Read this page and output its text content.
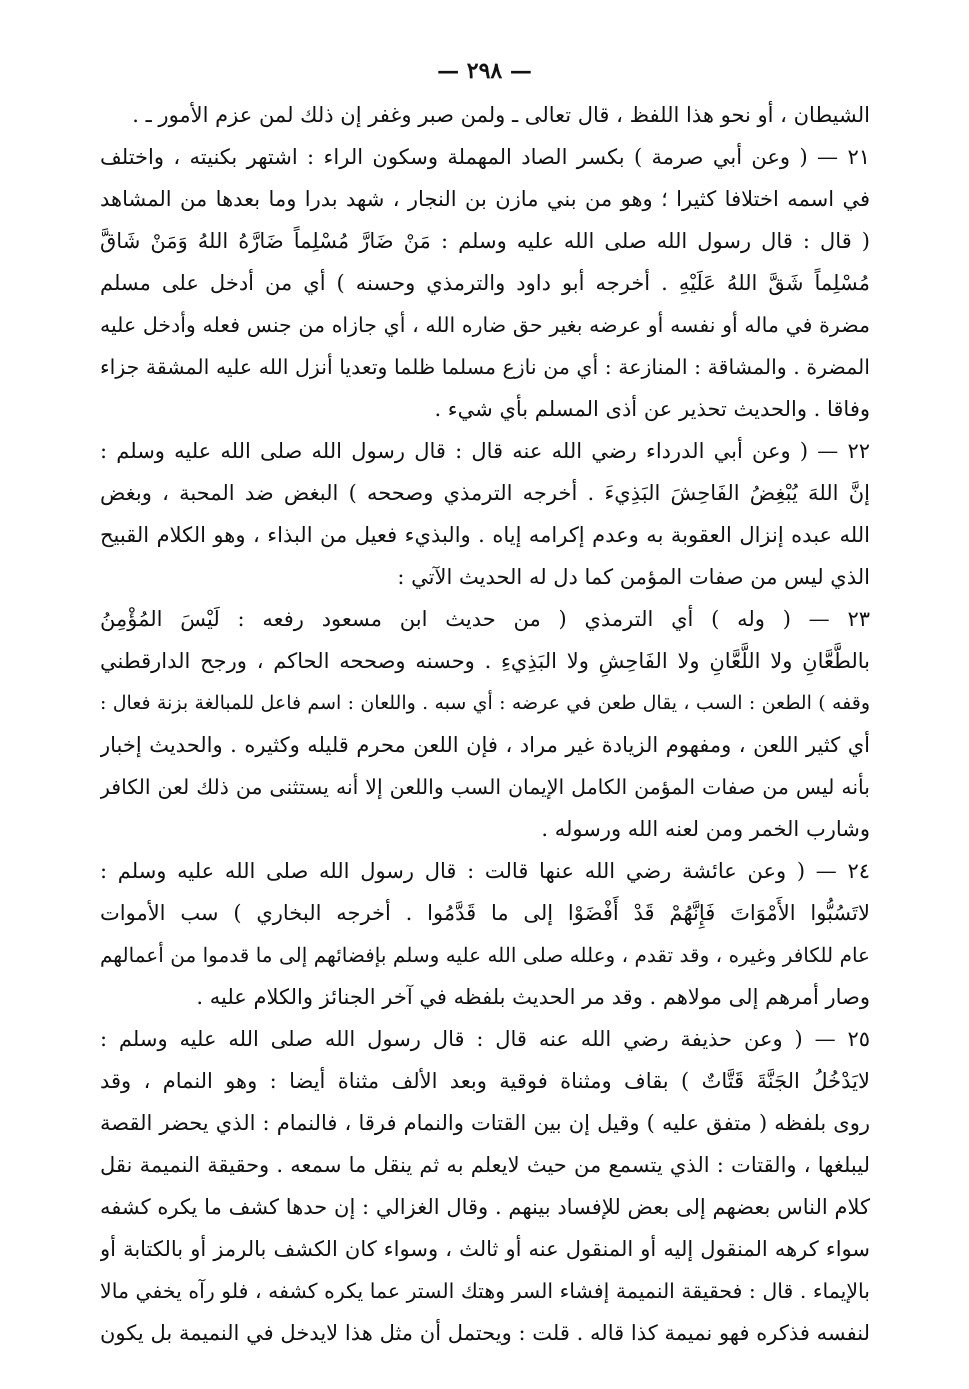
— ٢٩٨ —
الشيطان ، أو نحو هذا اللفظ ، قال تعالى ـ ولمن صبر وغفر إن ذلك لمن عزم الأمور ـ .
٢١ — ( وعن أبي صرمة ) بكسر الصاد المهملة وسكون الراء : اشتهر بكنيته ، واختلف
في اسمه اختلافا كثيرا ؛ وهو من بني مازن بن النجار ، شهد بدرا وما بعدها من المشاهد
( قال : قال رسول الله صلى الله عليه وسلم : مَنْ ضَارَّ مُسْلِماً ضَارَّهُ اللهُ وَمَنْ شَاقَّ
مُسْلِماً شَقَّ اللهُ عَلَيْهِ . أخرجه أبو داود والترمذي وحسنه ) أي من أدخل على مسلم
مضرة في ماله أو نفسه أو عرضه بغير حق ضاره الله ، أي جازاه من جنس فعله وأدخل عليه
المضرة . والمشاقة : المنازعة : أي من نازع مسلما ظلما وتعديا أنزل الله عليه المشقة جزاء
وفاقا . والحديث تحذير عن أذى المسلم بأي شيء .
٢٢ — ( وعن أبي الدرداء رضي الله عنه قال : قال رسول الله صلى الله عليه وسلم :
إنَّ اللهَ يُبْغِضُ الفَاحِشَ البَذِيءَ . أخرجه الترمذي وصححه ) البغض ضد المحبة ، وبغض
الله عبده إنزال العقوبة به وعدم إكرامه إياه . والبذيء فعيل من البذاء ، وهو الكلام القبيح
الذي ليس من صفات المؤمن كما دل له الحديث الآتي :
٢٣ — ( وله ) أي الترمذي ( من حديث ابن مسعود رفعه : لَيْسَ المُؤْمِنُ
بالطَّعَّانِ ولا اللَّعَّانِ ولا الفَاحِشِ ولا البَذِيءِ . وحسنه وصححه الحاكم ، ورجح الدارقطني
وقفه ) الطعن : السب ، يقال طعن في عرضه : أي سبه . واللعان : اسم فاعل للمبالغة بزنة فعال :
أي كثير اللعن ، ومفهوم الزيادة غير مراد ، فإن اللعن محرم قليله وكثيره . والحديث إخبار
بأنه ليس من صفات المؤمن الكامل الإيمان السب واللعن إلا أنه يستثنى من ذلك لعن الكافر
وشارب الخمر ومن لعنه الله ورسوله .
٢٤ — ( وعن عائشة رضي الله عنها قالت : قال رسول الله صلى الله عليه وسلم :
لاتَسُبُّوا الأَمْوَاتَ فَإِنَّهُمْ قَدْ أَفْضَوْا إلى ما قَدَّمُوا . أخرجه البخاري ) سب الأموات
عام للكافر وغيره ، وقد تقدم ، وعلله صلى الله عليه وسلم بإفضائهم إلى ما قدموا من أعمالهم
وصار أمرهم إلى مولاهم . وقد مر الحديث بلفظه في آخر الجنائز والكلام عليه .
٢٥ — ( وعن حذيفة رضي الله عنه قال : قال رسول الله صلى الله عليه وسلم :
لايَدْخُلُ الجَنَّةَ قَتَّاتٌ ) بقاف ومثناة فوقية وبعد الألف مثناة أيضا : وهو النمام ، وقد
روى بلفظه ( متفق عليه ) وقيل إن بين القتات والنمام فرقا ، فالنمام : الذي يحضر القصة
ليبلغها ، والقتات : الذي يتسمع من حيث لايعلم به ثم ينقل ما سمعه . وحقيقة النميمة نقل
كلام الناس بعضهم إلى بعض للإفساد بينهم . وقال الغزالي : إن حدها كشف ما يكره كشفه
سواء كرهه المنقول إليه أو المنقول عنه أو ثالث ، وسواء كان الكشف بالرمز أو بالكتابة أو
بالإيماء . قال : فحقيقة النميمة إفشاء السر وهتك الستر عما يكره كشفه ، فلو رآه يخفي مالا
لنفسه فذكره فهو نميمة كذا قاله . قلت : ويحتمل أن مثل هذا لايدخل في النميمة بل يكون
